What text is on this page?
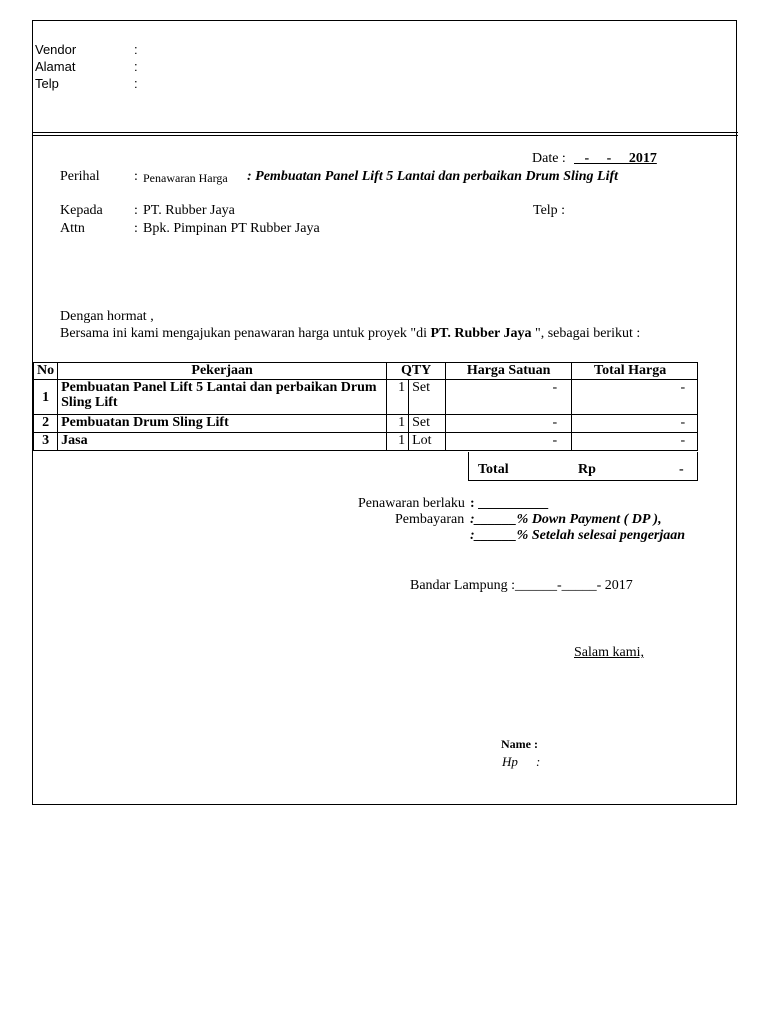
Vendor	:
Alamat	:
Telp	:
Date : -     -     2017
Perihal : Penawaran Harga : Pembuatan Panel Lift 5 Lantai dan perbaikan Drum Sling Lift
Kepada : PT. Rubber Jaya	Telp :
Attn	: Bpk. Pimpinan PT Rubber Jaya
Dengan hormat ,
Bersama ini kami mengajukan penawaran harga untuk proyek "di PT. Rubber Jaya ", sebagai berikut :
No	Pekerjaan	QTY		Harga Satuan	Total Harga
1	Pembuatan Panel Lift 5 Lantai dan perbaikan Drum Sling Lift	1	Set	-	-
2	Pembuatan Drum Sling Lift	1	Set	-	-
3	Jasa	1	Lot	-	-
Total	Rp	-
Penawaran berlaku : __________
Pembayaran :______% Down Payment ( DP ),
:______% Setelah selesai pengerjaan
Bandar Lampung :______-_____- 2017
Salam kami,
Name :
Hp :
